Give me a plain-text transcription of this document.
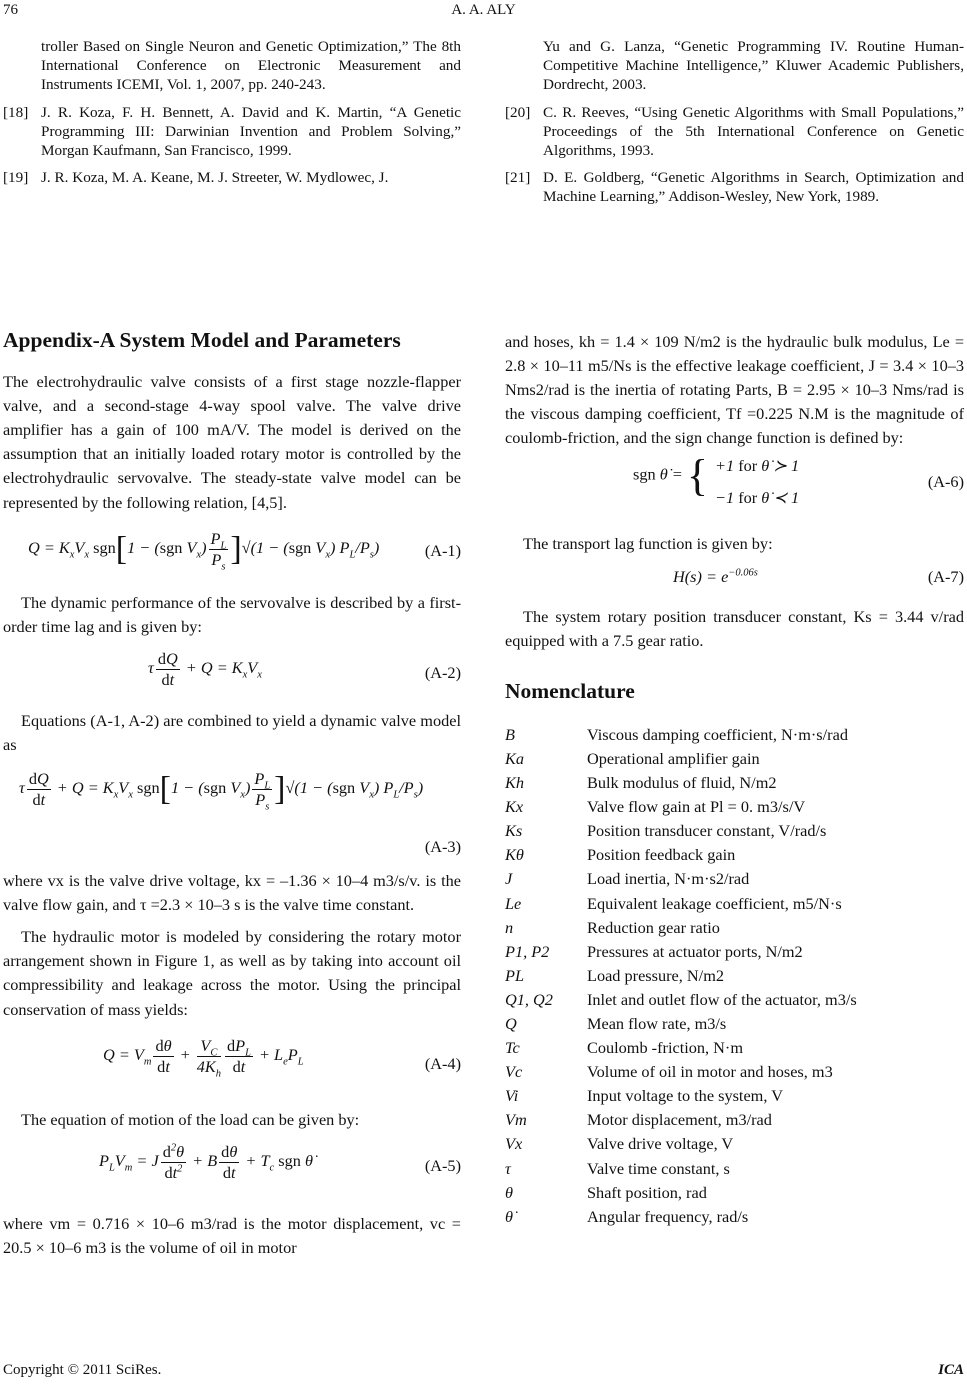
76	A. A. ALY
troller Based on Single Neuron and Genetic Optimization,” The 8th International Conference on Electronic Measurement and Instruments ICEMI, Vol. 1, 2007, pp. 240-243.
[18] J. R. Koza, F. H. Bennett, A. David and K. Martin, “A Genetic Programming III: Darwinian Invention and Problem Solving,” Morgan Kaufmann, San Francisco, 1999.
[19] J. R. Koza, M. A. Keane, M. J. Streeter, W. Mydlowec, J.
Yu and G. Lanza, “Genetic Programming IV. Routine Human-Competitive Machine Intelligence,” Kluwer Academic Publishers, Dordrecht, 2003.
[20] C. R. Reeves, “Using Genetic Algorithms with Small Populations,” Proceedings of the 5th International Conference on Genetic Algorithms, 1993.
[21] D. E. Goldberg, “Genetic Algorithms in Search, Optimization and Machine Learning,” Addison-Wesley, New York, 1989.
Appendix-A System Model and Parameters

The electrohydraulic valve consists of a first stage nozzle-flapper valve, and a second-stage 4-way spool valve. The valve drive amplifier has a gain of 100 mA/V. The model is derived on the assumption that an initially loaded rotary motor is controlled by the electrohydraulic servovalve. The steady-state valve model can be represented by the following relation, [4,5].

$Q = K_xV_x$ sgn[1 − (sgn $V_x) \frac{P_L}{P_s} ]√(1 - (sgn$ $V_x$) $P_L/P_s$)	(A-1)

The dynamic performance of the servovalve is described by a first-order time lag and is given by:

τ $\frac{dQ}{dt} + Q = K_xV_x$	(A-2)

Equations (A-1, A-2) are combined to yield a dynamic valve model as

τ $\frac{dQ}{dt} + Q = K_xV_x$ sgn[1 − (sgn $V_x) \frac{P_L}{P_s} ]√(1 - (sgn$ $V_x$) $P_L/P_s$)
(A-3)

where vx is the valve drive voltage, kx = –1.36 × 10–4 m3/s/v. is the valve flow gain, and τ =2.3 × 10–3 s is the valve time constant.

The hydraulic motor is modeled by considering the rotary motor arrangement shown in Figure 1, as well as by taking into account oil compressibility and leakage across the motor. Using the principal conservation of mass yields:

$Q = V_m \frac{d\theta}{dt} + \frac{V_C}{4K_h} \frac{dP_L}{dt} + L_eP_L$	(A-4)

The equation of motion of the load can be given by:

$P_LV_m = J \frac{d^2\theta}{dt^2} + B \frac{d\theta}{dt} + T_c$ sgn θ̇	(A-5)

where vm = 0.716 × 10–6 m3/rad is the motor displacement, vc = 20.5 × 10–6 m3 is the volume of oil in motor

and hoses, kh = 1.4 × 109 N/m2 is the hydraulic bulk modulus, Le = 2.8 × 10–11 m5/Ns is the effective leakage coefficient, J = 3.4 × 10–3 Nms2/rad is the inertia of rotating Parts, B = 2.95 × 10–3 Nms/rad is the viscous damping coefficient, Tf =0.225 N.M is the magnitude of coulomb-friction, and the sign change function is defined by:

sgn θ̇ = { +1 for θ̇ ≻ 1
−1 for θ̇ ≺ 1
(A-6)

The transport lag function is given by:

$H(s) = e^{-0.06s}$	(A-7)

The system rotary position transducer constant, Ks = 3.44 v/rad equipped with a 7.5 gear ratio.

Nomenclature
B	Viscous damping coefficient, N·m·s/rad
Ka	Operational amplifier gain
Kh	Bulk modulus of fluid, N/m2
Kx	Valve flow gain at Pl = 0. m3/s/V
Ks	Position transducer constant, V/rad/s
Kθ	Position feedback gain
J	Load inertia, N·m·s2/rad
Le	Equivalent leakage coefficient, m5/N·s
n	Reduction gear ratio
P1, P2	Pressures at actuator ports, N/m2
PL	Load pressure, N/m2
Q1, Q2	Inlet and outlet flow of the actuator, m3/s
Q	Mean flow rate, m3/s
Tc	Coulomb -friction, N·m
Vc	Volume of oil in motor and hoses, m3
Vi	Input voltage to the system, V
Vm	Motor displacement, m3/rad
Vx	Valve drive voltage, V
τ	Valve time constant, s
θ	Shaft position, rad
θ̇	Angular frequency, rad/s
Copyright © 2011 SciRes.	ICA
